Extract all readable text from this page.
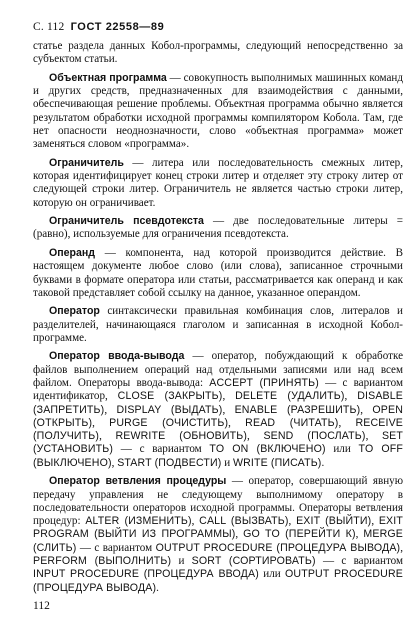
С. 112 ГОСТ 22558—89

статье раздела данных Кобол-программы, следующий непосредственно за субъектом статьи.

Объектная программа — совокупность выполнимых машинных команд и других средств, предназначенных для взаимодействия с данными, обеспечивающая решение проблемы. Объектная программа обычно является результатом обработки исходной программы компилятором Кобола. Там, где нет опасности неоднозначности, слово «объектная программа» может заменяться словом «программа».

Ограничитель — литера или последовательность смежных литер, которая идентифицирует конец строки литер и отделяет эту строку литер от следующей строки литер. Ограничитель не является частью строки литер, которую он ограничивает.

Ограничитель псевдотекста — две последовательные литеры = (равно), используемые для ограничения псевдотекста.

Операнд — компонента, над которой производится действие. В настоящем документе любое слово (или слова), записанное строчными буквами в формате оператора или статьи, рассматривается как операнд и как таковой представляет собой ссылку на данное, указанное операндом.

Оператор синтаксически правильная комбинация слов, литералов и разделителей, начинающаяся глаголом и записанная в исходной Кобол-программе.

Оператор ввода-вывода — оператор, побуждающий к обработке файлов выполнением операций над отдельными записями или над всем файлом. Операторы ввода-вывода: ACCEPT (ПРИНЯТЬ) — с вариантом идентификатор, CLOSE (ЗАКРЫТЬ), DELETE (УДАЛИТЬ), DISABLE (ЗАПРЕТИТЬ), DISPLAY (ВЫДАТЬ), ENABLE (РАЗРЕШИТЬ), OPEN (ОТКРЫТЬ), PURGE (ОЧИСТИТЬ), READ (ЧИТАТЬ), RECEIVE (ПОЛУЧИТЬ), REWRITE (ОБНОВИТЬ), SEND (ПОСЛАТЬ), SET (УСТАНОВИТЬ) — с вариантом TO ON (ВКЛЮЧЕНО) или TO OFF (ВЫКЛЮЧЕНО), START (ПОДВЕСТИ) и WRITE (ПИСАТЬ).

Оператор ветвления процедуры — оператор, совершающий явную передачу управления не следующему выполнимому оператору в последовательности операторов исходной программы. Операторы ветвления процедур: ALTER (ИЗМЕНИТЬ), CALL (ВЫЗВАТЬ), EXIT (ВЫЙТИ), EXIT PROGRAM (ВЫЙТИ ИЗ ПРОГРАММЫ), GO TO (ПЕРЕЙТИ К), MERGE (СЛИТЬ) — с вариантом OUTPUT PROCEDURE (ПРОЦЕДУРА ВЫВОДА), PERFORM (ВЫПОЛНИТЬ) и SORT (СОРТИРОВАТЬ) — с вариантом INPUT PROCEDURE (ПРОЦЕДУРА ВВОДА) или OUTPUT PROCEDURE (ПРОЦЕДУРА ВЫВОДА).

112
